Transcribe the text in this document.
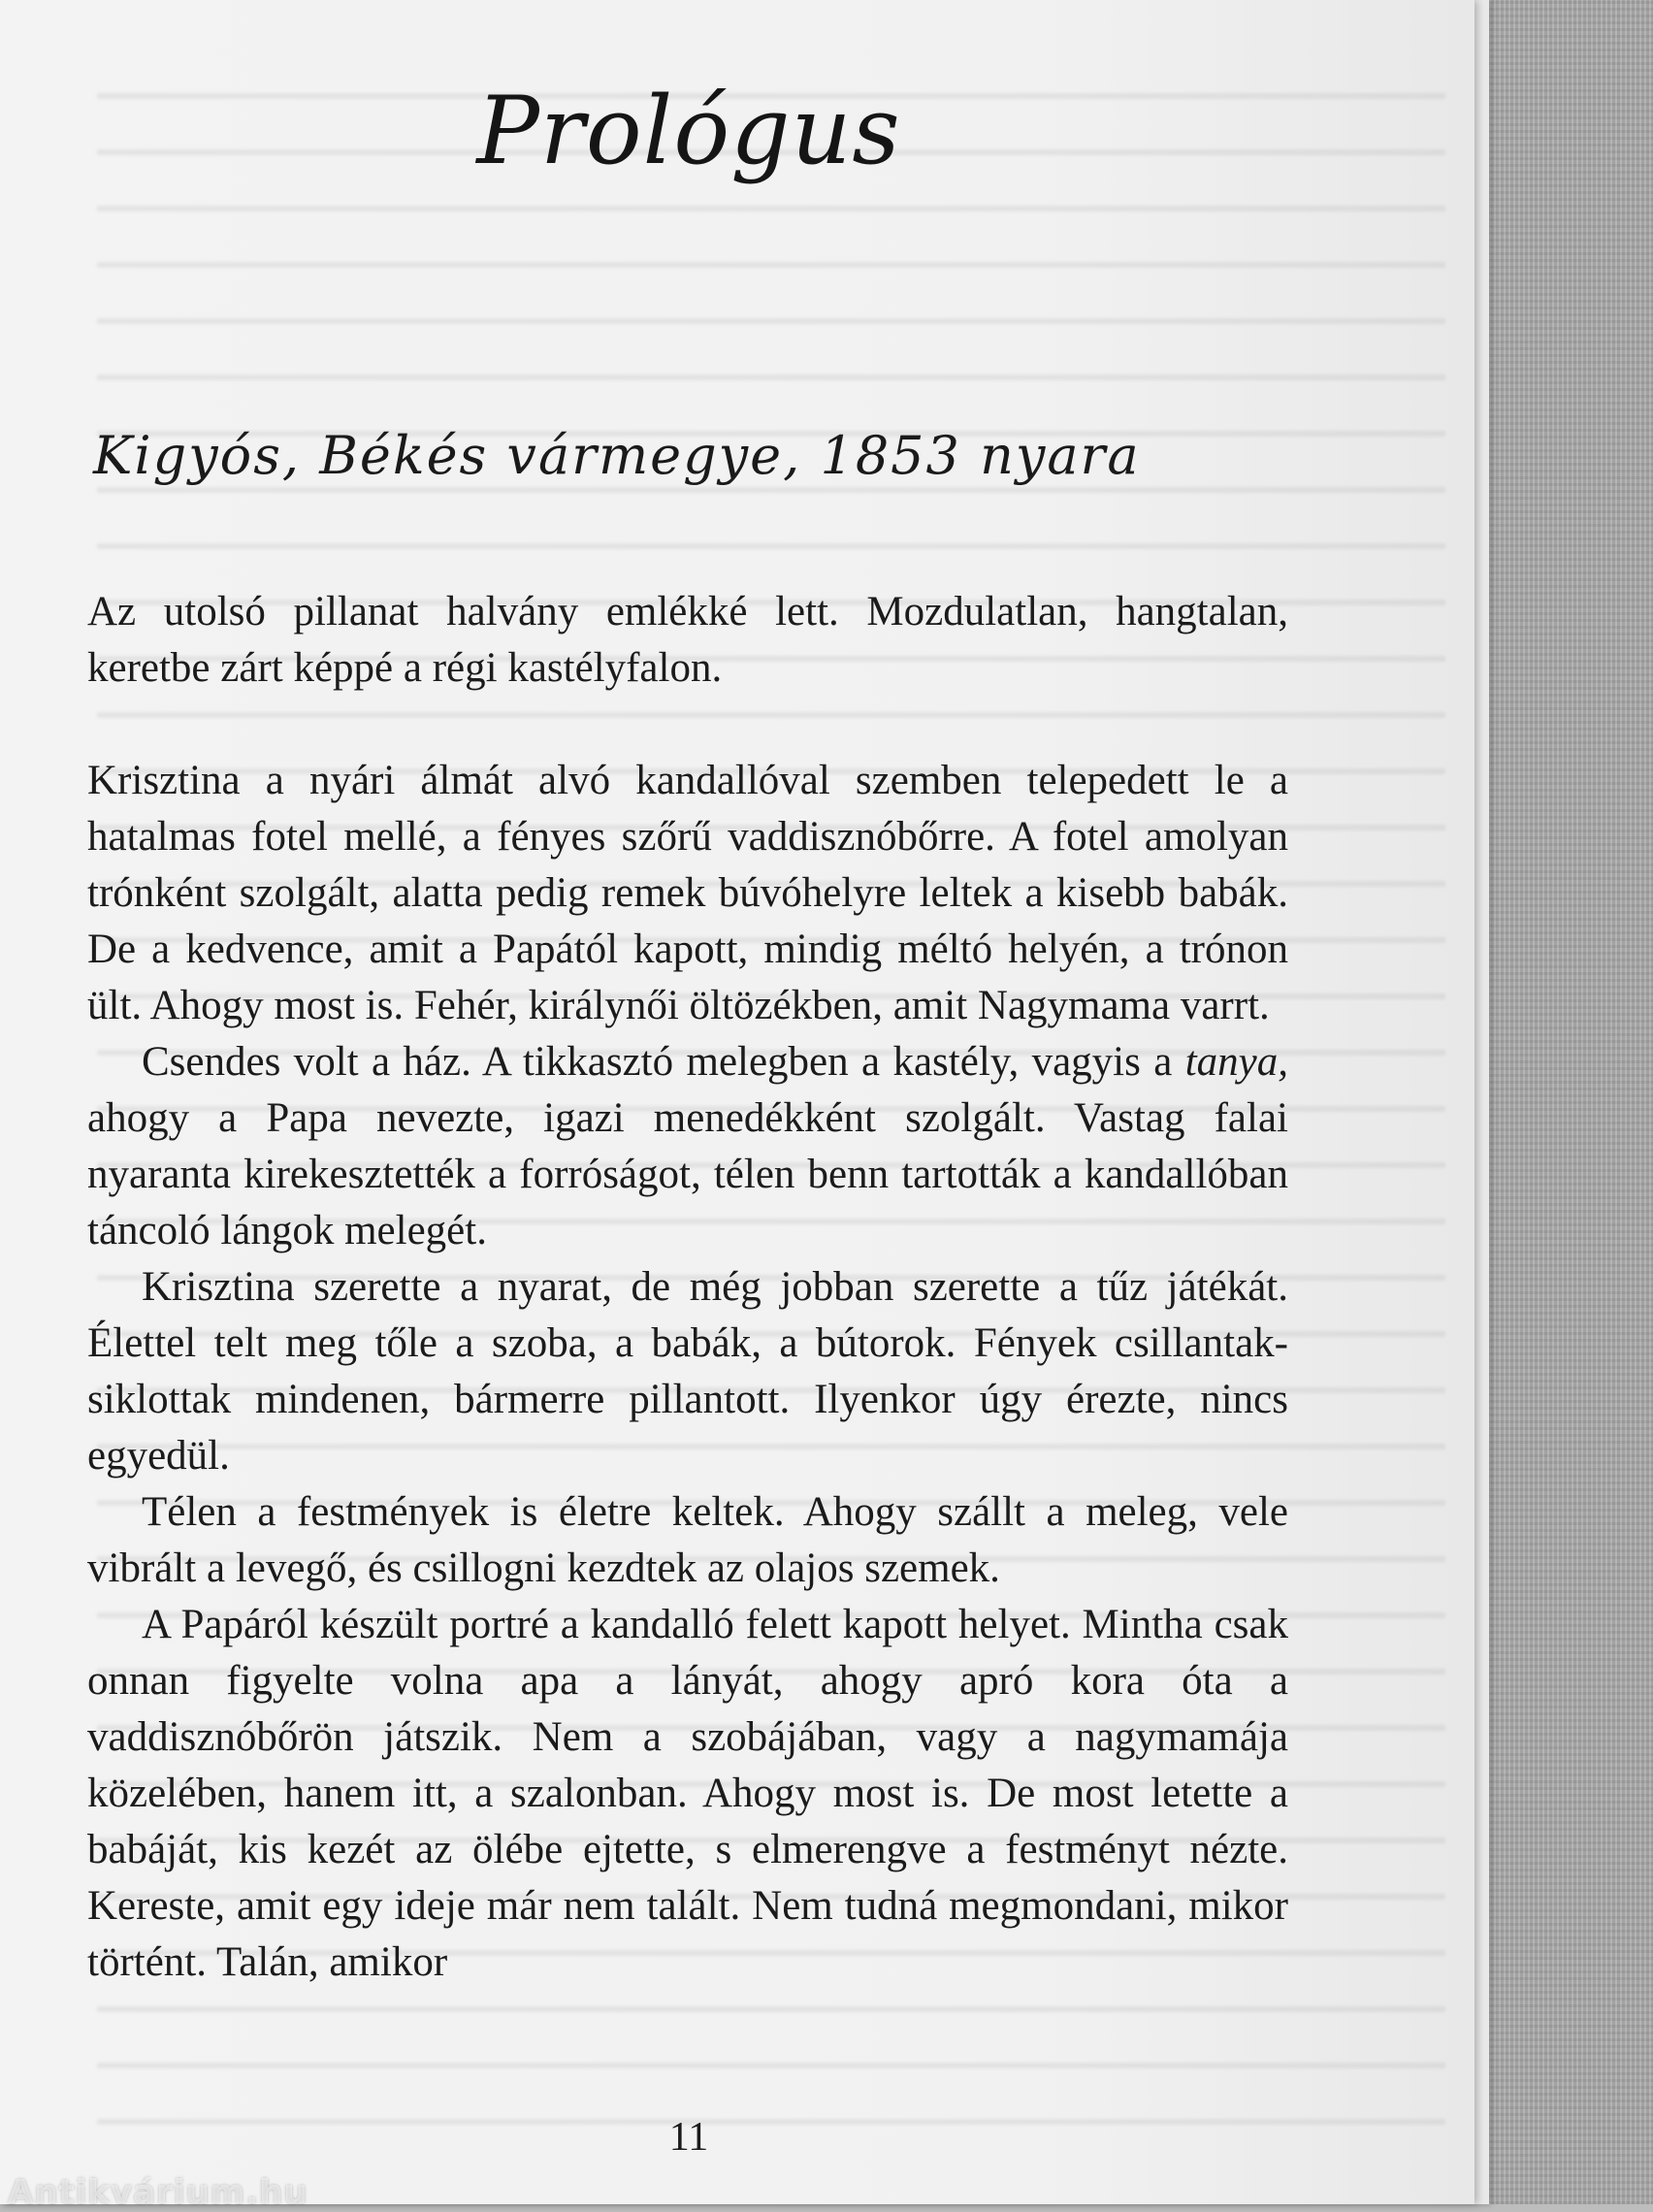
Prológus
Kigyós, Békés vármegye, 1853 nyara

Az utolsó pillanat halvány emlékké lett. Mozdulatlan, hangtalan, keretbe zárt képpé a régi kastélyfalon.

Krisztina a nyári álmát alvó kandallóval szemben telepedett le a hatalmas fotel mellé, a fényes szőrű vaddisznóbőrre. A fotel amolyan trónként szolgált, alatta pedig remek búvóhelyre leltek a kisebb babák. De a kedvence, amit a Papától kapott, mindig méltó helyén, a trónon ült. Ahogy most is. Fehér, királynői öltözékben, amit Nagymama varrt.

Csendes volt a ház. A tikkasztó melegben a kastély, vagyis a tanya, ahogy a Papa nevezte, igazi menedékként szolgált. Vastag falai nyaranta kirekesztették a forróságot, télen benn tartották a kandallóban táncoló lángok melegét.

Krisztina szerette a nyarat, de még jobban szerette a tűz játékát. Élettel telt meg tőle a szoba, a babák, a bútorok. Fények csillantak-siklottak mindenen, bármerre pillantott. Ilyenkor úgy érezte, nincs egyedül.

Télen a festmények is életre keltek. Ahogy szállt a meleg, vele vibrált a levegő, és csillogni kezdtek az olajos szemek.

A Papáról készült portré a kandalló felett kapott helyet. Mintha csak onnan figyelte volna apa a lányát, ahogy apró kora óta a vaddisznóbőrön játszik. Nem a szobájában, vagy a nagymamája közelében, hanem itt, a szalonban. Ahogy most is. De most letette a babáját, kis kezét az ölébe ejtette, s elmerengve a festményt nézte. Kereste, amit egy ideje már nem talált. Nem tudná megmondani, mikor történt. Talán, amikor

11
Antikvárium.hu
